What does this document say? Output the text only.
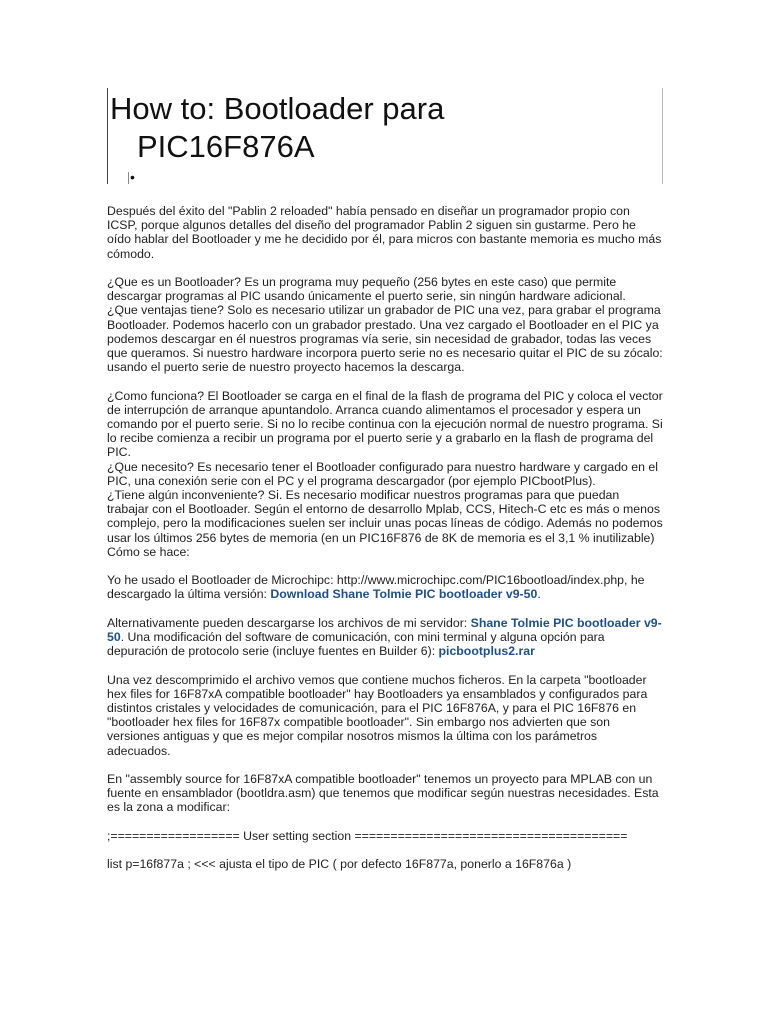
How to: Bootloader para
PIC16F876A
•

Después del éxito del "Pablin 2 reloaded" había pensado en diseñar un programador propio con ICSP, porque algunos detalles del diseño del programador Pablin 2 siguen sin gustarme. Pero he oído hablar del Bootloader y me he decidido por él, para micros con bastante memoria es mucho más cómodo.

¿Que es un Bootloader? Es un programa muy pequeño (256 bytes en este caso) que permite descargar programas al PIC usando únicamente el puerto serie, sin ningún hardware adicional.

¿Que ventajas tiene? Solo es necesario utilizar un grabador de PIC una vez, para grabar el programa Bootloader. Podemos hacerlo con un grabador prestado. Una vez cargado el Bootloader en el PIC ya podemos descargar en él nuestros programas vía serie, sin necesidad de grabador, todas las veces que queramos. Si nuestro hardware incorpora puerto serie no es necesario quitar el PIC de su zócalo: usando el puerto serie de nuestro proyecto hacemos la descarga.

¿Como funciona? El Bootloader se carga en el final de la flash de programa del PIC y coloca el vector de interrupción de arranque apuntandolo. Arranca cuando alimentamos el procesador y espera un comando por el puerto serie. Si no lo recibe continua con la ejecución normal de nuestro programa. Si lo recibe comienza a recibir un programa por el puerto serie y a grabarlo en la flash de programa del PIC.

¿Que necesito? Es necesario tener el Bootloader configurado para nuestro hardware y cargado en el PIC, una conexión serie con el PC y el programa descargador (por ejemplo PICbootPlus).

¿Tiene algún inconveniente? Si. Es necesario modificar nuestros programas para que puedan trabajar con el Bootloader. Según el entorno de desarrollo Mplab, CCS, Hitech-C etc es más o menos complejo, pero la modificaciones suelen ser incluir unas pocas líneas de código. Además no podemos usar los últimos 256 bytes de memoria (en un PIC16F876 de 8K de memoria es el 3,1 % inutilizable)

Cómo se hace:

Yo he usado el Bootloader de Microchipc: http://www.microchipc.com/PIC16bootload/index.php, he descargado la última versión: Download Shane Tolmie PIC bootloader v9-50.

Alternativamente pueden descargarse los archivos de mi servidor: Shane Tolmie PIC bootloader v9-50. Una modificación del software de comunicación, con mini terminal y alguna opción para depuración de protocolo serie (incluye fuentes en Builder 6): picbootplus2.rar

Una vez descomprimido el archivo vemos que contiene muchos ficheros. En la carpeta "bootloader hex files for 16F87xA compatible bootloader" hay Bootloaders ya ensamblados y configurados para distintos cristales y velocidades de comunicación, para el PIC 16F876A, y para el PIC 16F876 en "bootloader hex files for 16F87x compatible bootloader". Sin embargo nos advierten que son versiones antiguas y que es mejor compilar nosotros mismos la última con los parámetros adecuados.

En "assembly source for 16F87xA compatible bootloader" tenemos un proyecto para MPLAB con un fuente en ensamblador (bootldra.asm) que tenemos que modificar según nuestras necesidades. Esta es la zona a modificar:

;================== User setting section ======================================

list p=16f877a ; <<< ajusta el tipo de PIC ( por defecto 16F877a, ponerlo a 16F876a )
